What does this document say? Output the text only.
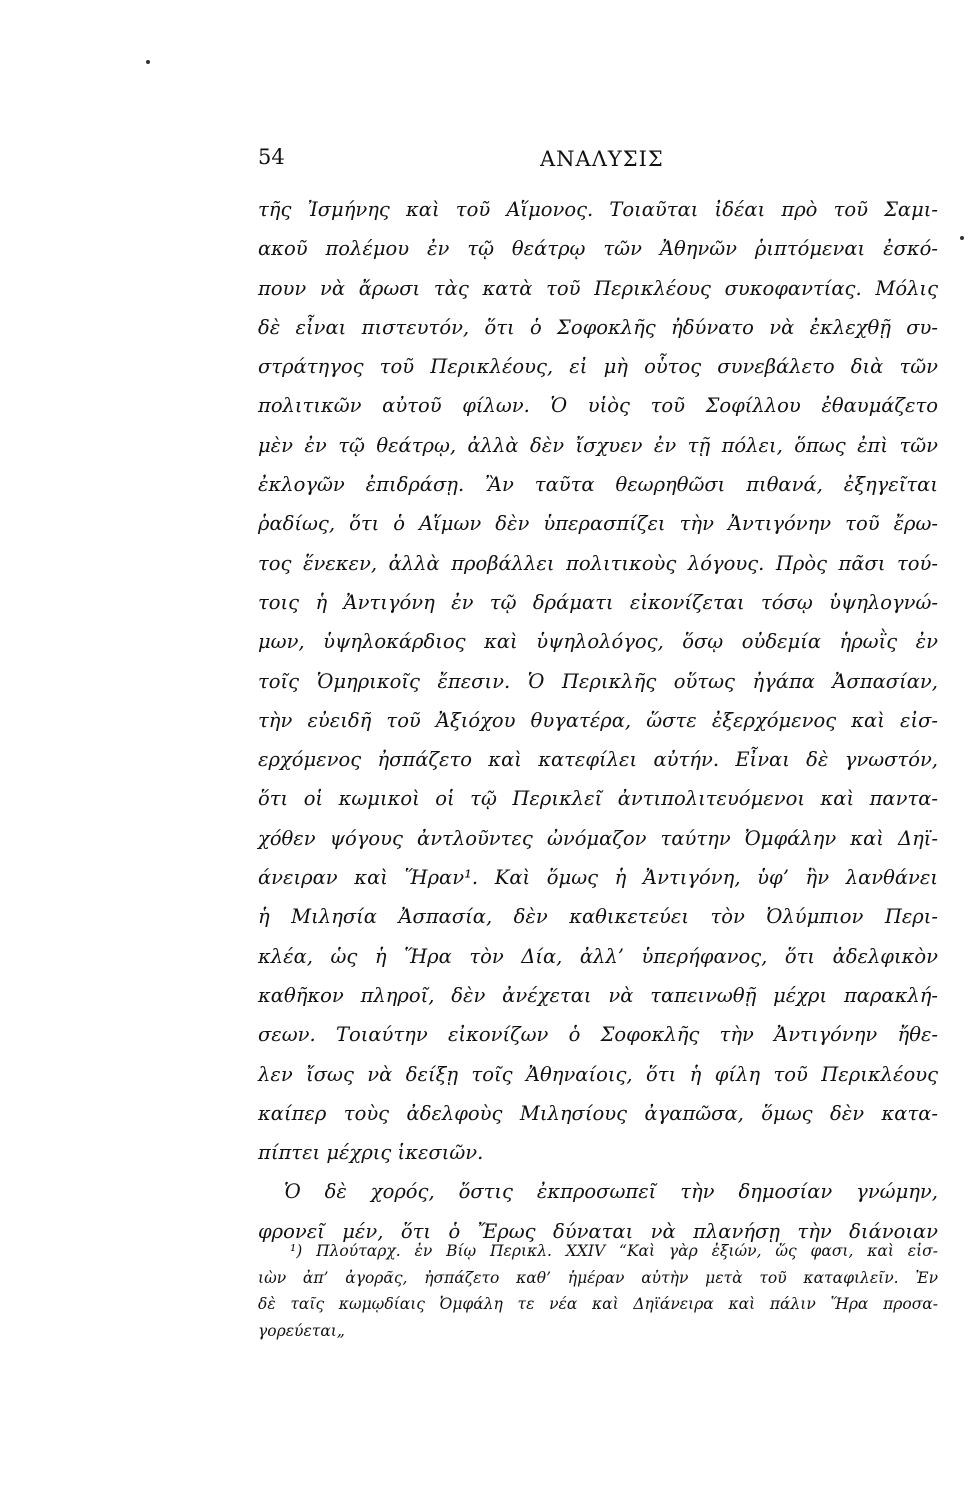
54	ΑΝΑΛΥΣΙΣ
τῆς Ἰσμήνης καὶ τοῦ Αἵμονος. Τοιαῦται ἰδέαι πρὸ τοῦ Σαμι-
ακοῦ πολέμου ἐν τῷ θεάτρῳ τῶν Ἀθηνῶν ῥιπτόμεναι ἐσκό-
πουν νὰ ἄρωσι τὰς κατὰ τοῦ Περικλέους συκοφαντίας. Μόλις
δὲ εἶναι πιστευτόν, ὅτι ὁ Σοφοκλῆς ἠδύνατο νὰ ἐκλεχθῇ συ-
στράτηγος τοῦ Περικλέους, εἰ μὴ οὗτος συνεβάλετο διὰ τῶν
πολιτικῶν αὐτοῦ φίλων. Ὁ υἱὸς τοῦ Σοφίλλου ἐθαυμάζετο
μὲν ἐν τῷ θεάτρῳ, ἀλλὰ δὲν ἴσχυεν ἐν τῇ πόλει, ὅπως ἐπὶ τῶν
ἐκλογῶν ἐπιδράσῃ. Ἂν ταῦτα θεωρηθῶσι πιθανά, ἐξηγεῖται
ῥαδίως, ὅτι ὁ Αἵμων δὲν ὑπερασπίζει τὴν Ἀντιγόνην τοῦ ἔρω-
τος ἕνεκεν, ἀλλὰ προβάλλει πολιτικοὺς λόγους. Πρὸς πᾶσι τού-
τοις ἡ Ἀντιγόνη ἐν τῷ δράματι εἰκονίζεται τόσῳ ὑψηλογνώ-
μων, ὑψηλοκάρδιος καὶ ὑψηλολόγος, ὅσῳ οὐδεμία ἡρωῒς ἐν
τοῖς Ὁμηρικοῖς ἔπεσιν. Ὁ Περικλῆς οὕτως ἠγάπα Ἀσπασίαν,
τὴν εὐειδῆ τοῦ Ἀξιόχου θυγατέρα, ὥστε ἐξερχόμενος καὶ εἰσ-
ερχόμενος ἠσπάζετο καὶ κατεφίλει αὐτήν. Εἶναι δὲ γνωστόν,
ὅτι οἱ κωμικοὶ οἱ τῷ Περικλεῖ ἀντιπολιτευόμενοι καὶ παντα-
χόθεν ψόγους ἀντλοῦντες ὠνόμαζον ταύτην Ὀμφάλην καὶ Δηϊ-
άνειραν καὶ Ἥραν¹. Καὶ ὅμως ἡ Ἀντιγόνη, ὑφ’ ἣν λανθάνει
ἡ Μιλησία Ἀσπασία, δὲν καθικετεύει τὸν Ὀλύμπιον Περι-
κλέα, ὡς ἡ Ἥρα τὸν Δία, ἀλλ’ ὑπερήφανος, ὅτι ἀδελφικὸν
καθῆκον πληροῖ, δὲν ἀνέχεται νὰ ταπεινωθῇ μέχρι παρακλή-
σεων. Τοιαύτην εἰκονίζων ὁ Σοφοκλῆς τὴν Ἀντιγόνην ἤθε-
λεν ἴσως νὰ δείξῃ τοῖς Ἀθηναίοις, ὅτι ἡ φίλη τοῦ Περικλέους
καίπερ τοὺς ἀδελφοὺς Μιλησίους ἀγαπῶσα, ὅμως δὲν κατα-
πίπτει μέχρις ἱκεσιῶν.
Ὁ δὲ χορός, ὅστις ἐκπροσωπεῖ τὴν δημοσίαν γνώμην,
φρονεῖ μέν, ὅτι ὁ Ἔρως δύναται νὰ πλανήσῃ τὴν διάνοιαν
¹) Πλούταρχ. ἐν Βίῳ Περικλ. XXIV “Καὶ γὰρ ἐξιών, ὥς φασι, καὶ εἰσ-
ιὼν ἀπ’ ἀγορᾶς, ἠσπάζετο καθ’ ἡμέραν αὐτὴν μετὰ τοῦ καταφιλεῖν. Ἐν
δὲ ταῖς κωμῳδίαις Ὀμφάλη τε νέα καὶ Δηϊάνειρα καὶ πάλιν Ἥρα προσα-
γορεύεται„
